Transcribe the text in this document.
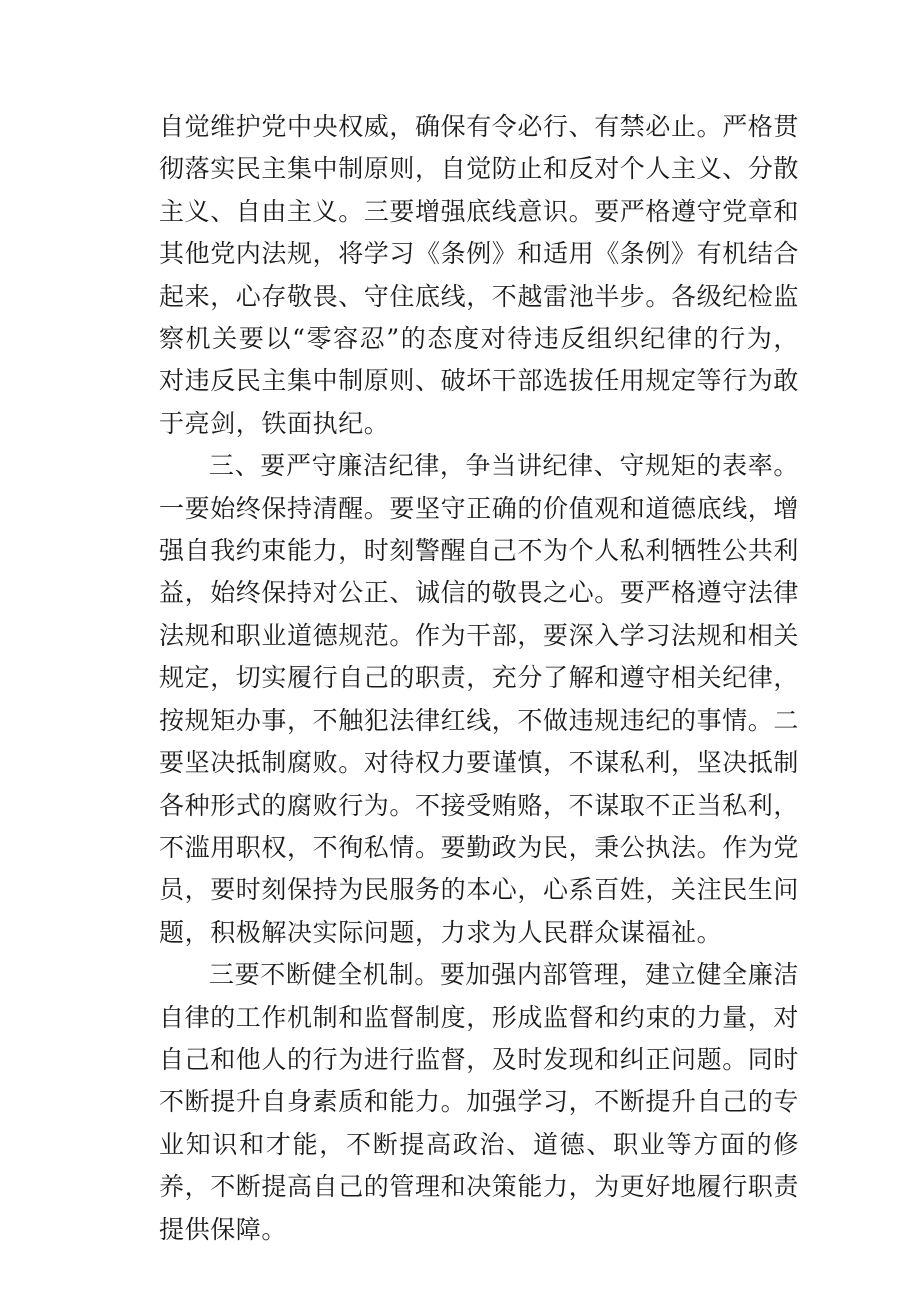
自觉维护党中央权威，确保有令必行、有禁必止。严格贯彻落实民主集中制原则，自觉防止和反对个人主义、分散主义、自由主义。三要增强底线意识。要严格遵守党章和其他党内法规，将学习《条例》和适用《条例》有机结合起来，心存敬畏、守住底线，不越雷池半步。各级纪检监察机关要以“零容忍”的态度对待违反组织纪律的行为，对违反民主集中制原则、破坏干部选拔任用规定等行为敢于亮剑，铁面执纪。

三、要严守廉洁纪律，争当讲纪律、守规矩的表率。一要始终保持清醒。要坚守正确的价值观和道德底线，增强自我约束能力，时刻警醒自己不为个人私利牺牲公共利益，始终保持对公正、诚信的敬畏之心。要严格遵守法律法规和职业道德规范。作为干部，要深入学习法规和相关规定，切实履行自己的职责，充分了解和遵守相关纪律，按规矩办事，不触犯法律红线，不做违规违纪的事情。二要坚决抵制腐败。对待权力要谨慎，不谋私利，坚决抵制各种形式的腐败行为。不接受贿赂，不谋取不正当私利，不滥用职权，不徇私情。要勤政为民，秉公执法。作为党员，要时刻保持为民服务的本心，心系百姓，关注民生问题，积极解决实际问题，力求为人民群众谋福祉。

三要不断健全机制。要加强内部管理，建立健全廉洁自律的工作机制和监督制度，形成监督和约束的力量，对自己和他人的行为进行监督，及时发现和纠正问题。同时不断提升自身素质和能力。加强学习，不断提升自己的专业知识和才能，不断提高政治、道德、职业等方面的修养，不断提高自己的管理和决策能力，为更好地履行职责提供保障。
